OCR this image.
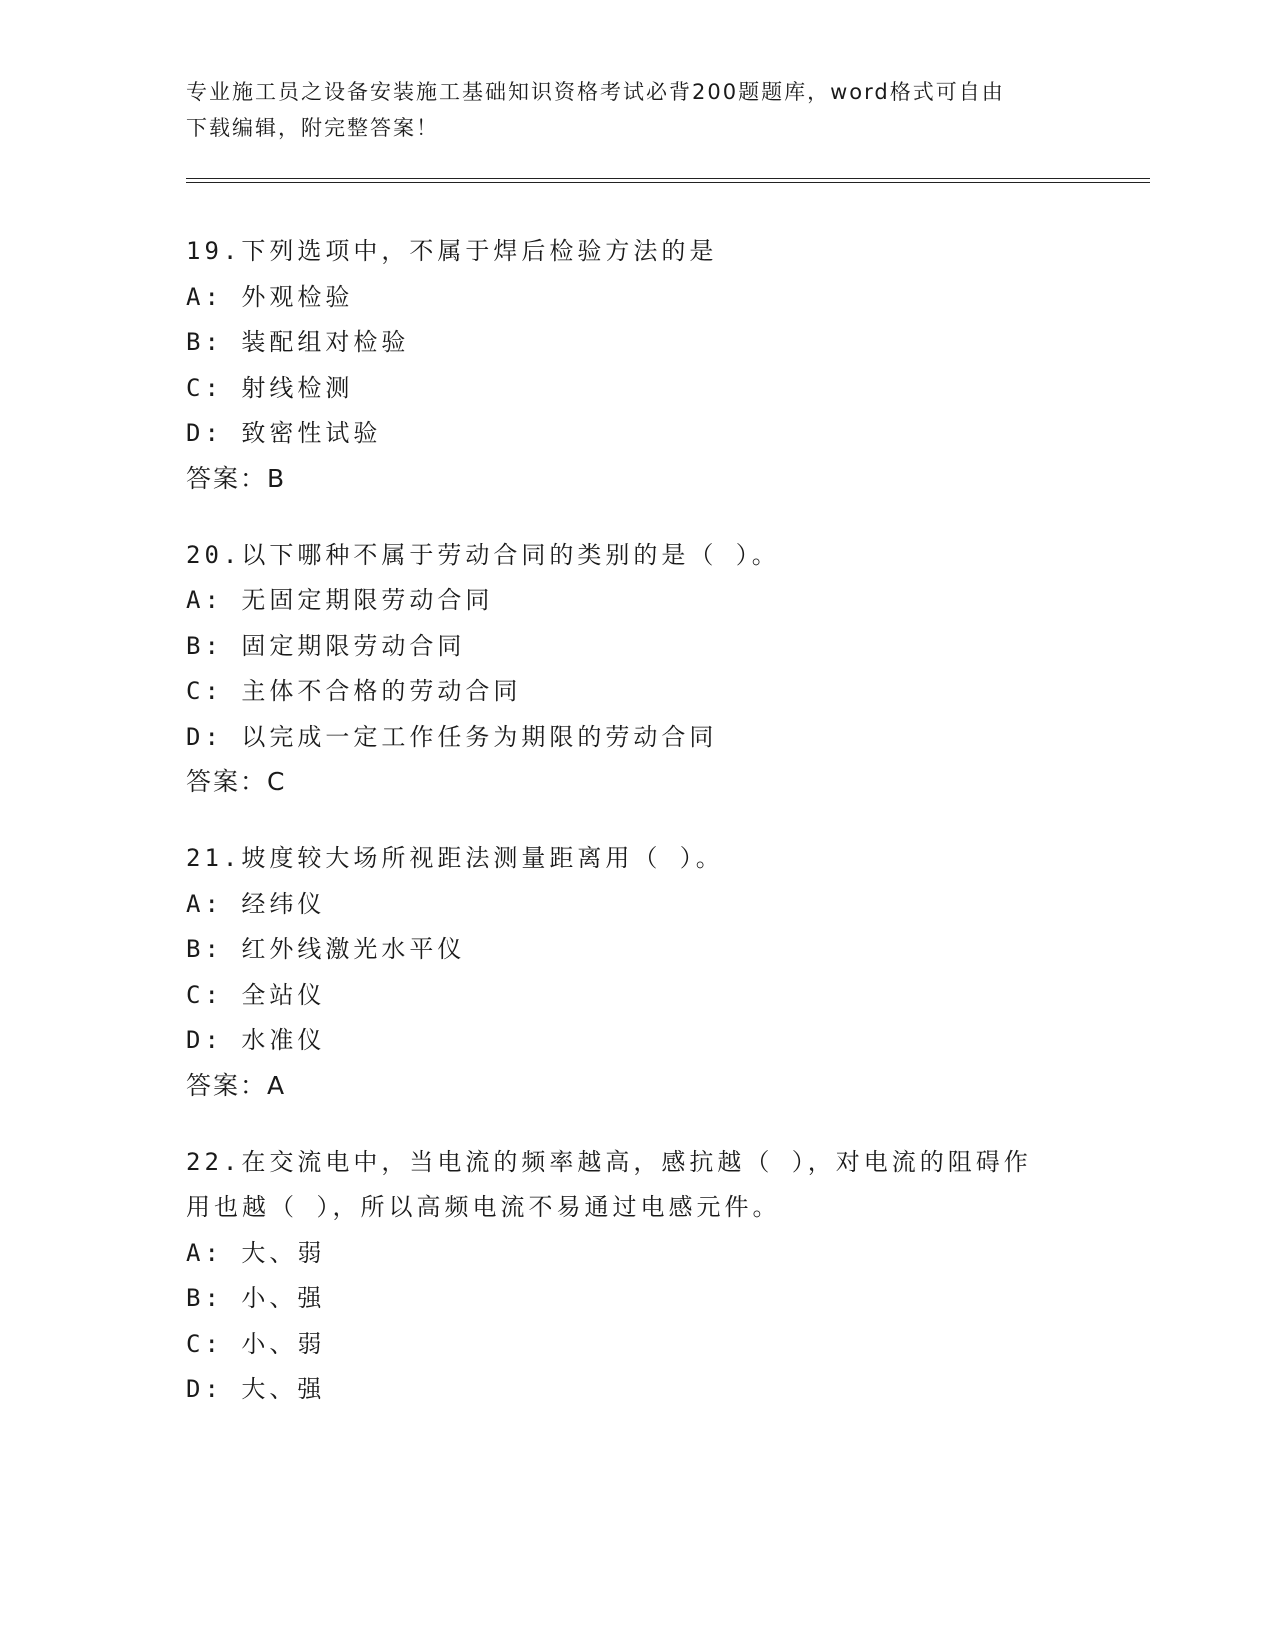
专业施工员之设备安装施工基础知识资格考试必背200题题库，word格式可自由
下载编辑，附完整答案！
19.下列选项中，不属于焊后检验方法的是
A: 外观检验
B: 装配组对检验
C: 射线检测
D: 致密性试验
答案：B
20.以下哪种不属于劳动合同的类别的是（ ）。
A: 无固定期限劳动合同
B: 固定期限劳动合同
C: 主体不合格的劳动合同
D: 以完成一定工作任务为期限的劳动合同
答案：C
21.坡度较大场所视距法测量距离用（ ）。
A: 经纬仪
B: 红外线激光水平仪
C: 全站仪
D: 水准仪
答案：A
22.在交流电中，当电流的频率越高，感抗越（ ），对电流的阻碍作
用也越（ ），所以高频电流不易通过电感元件。
A: 大、弱
B: 小、强
C: 小、弱
D: 大、强
